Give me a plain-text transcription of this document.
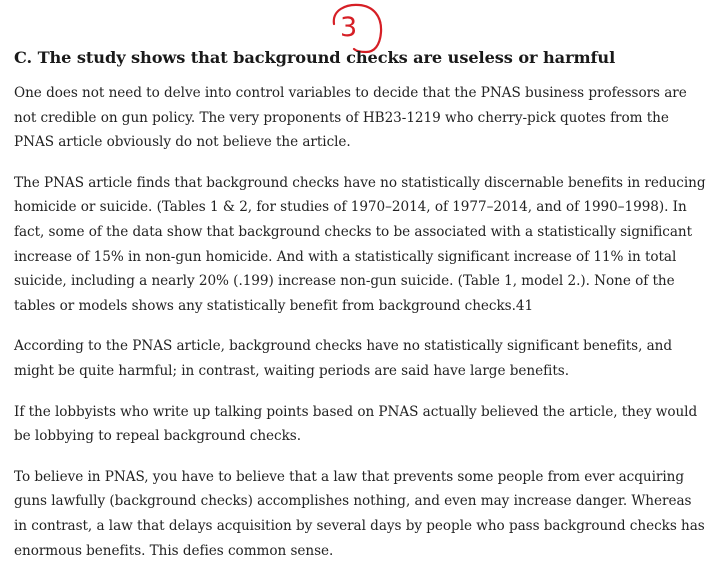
3
C. The study shows that background checks are useless or harmful

One does not need to delve into control variables to decide that the PNAS business professors are not credible on gun policy. The very proponents of HB23-1219 who cherry-pick quotes from the PNAS article obviously do not believe the article.

The PNAS article finds that background checks have no statistically discernable benefits in reducing homicide or suicide. (Tables 1 & 2, for studies of 1970–2014, of 1977–2014, and of 1990–1998). In fact, some of the data show that background checks to be associated with a statistically significant increase of 15% in non-gun homicide. And with a statistically significant increase of 11% in total suicide, including a nearly 20% (.199) increase non-gun suicide. (Table 1, model 2.). None of the tables or models shows any statistically benefit from background checks.41

According to the PNAS article, background checks have no statistically significant benefits, and might be quite harmful; in contrast, waiting periods are said have large benefits.

If the lobbyists who write up talking points based on PNAS actually believed the article, they would be lobbying to repeal background checks.

To believe in PNAS, you have to believe that a law that prevents some people from ever acquiring guns lawfully (background checks) accomplishes nothing, and even may increase danger. Whereas in contrast, a law that delays acquisition by several days by people who pass background checks has enormous benefits. This defies common sense.
